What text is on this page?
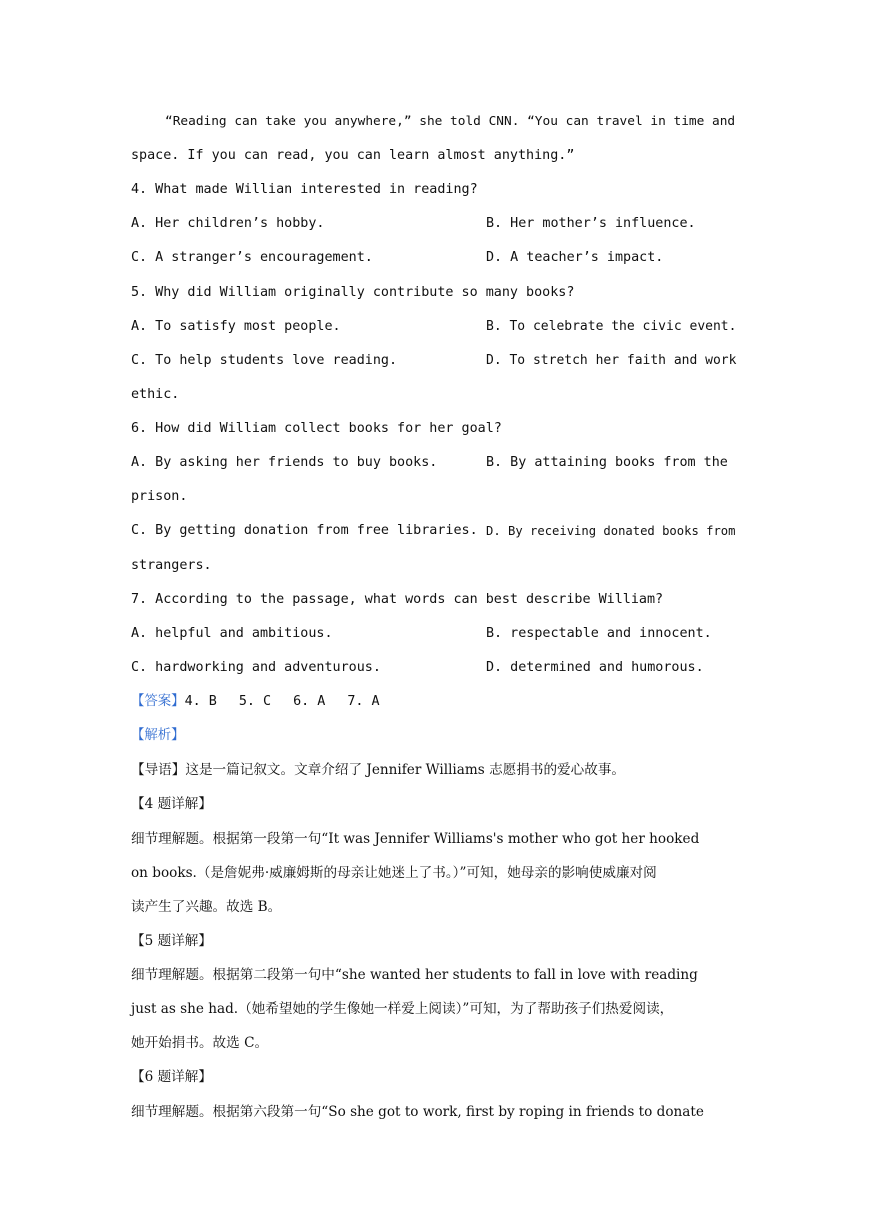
“Reading can take you anywhere,” she told CNN. “You can travel in time and
space. If you can read, you can learn almost anything.”
4. What made Willian interested in reading?
A. Her children’s hobby.	B. Her mother’s influence.
C. A stranger’s encouragement.	D. A teacher’s impact.
5. Why did William originally contribute so many books?
A. To satisfy most people.	B. To celebrate the civic event.
C. To help students love reading.	D. To stretch her faith and work
ethic.
6. How did William collect books for her goal?
A. By asking her friends to buy books.	B. By attaining books from the
prison.
C. By getting donation from free libraries. D. By receiving donated books from
strangers.
7. According to the passage, what words can best describe William?
A. helpful and ambitious.	B. respectable and innocent.
C. hardworking and adventurous.	D. determined and humorous.
【答案】4. B 5. C 6. A 7. A
【解析】
【导语】这是一篇记叙文。文章介绍了 Jennifer Williams 志愿捐书的爱心故事。
【4 题详解】
细节理解题。根据第一段第一句“It was Jennifer Williams's mother who got her hooked
on books.（是詹妮弗·威廉姆斯的母亲让她迷上了书。）”可知，她母亲的影响使威廉对阅
读产生了兴趣。故选 B。
【5 题详解】
细节理解题。根据第二段第一句中“she wanted her students to fall in love with reading
just as she had.（她希望她的学生像她一样爱上阅读）”可知，为了帮助孩子们热爱阅读，
她开始捐书。故选 C。
【6 题详解】
细节理解题。根据第六段第一句“So she got to work, first by roping in friends to donate
